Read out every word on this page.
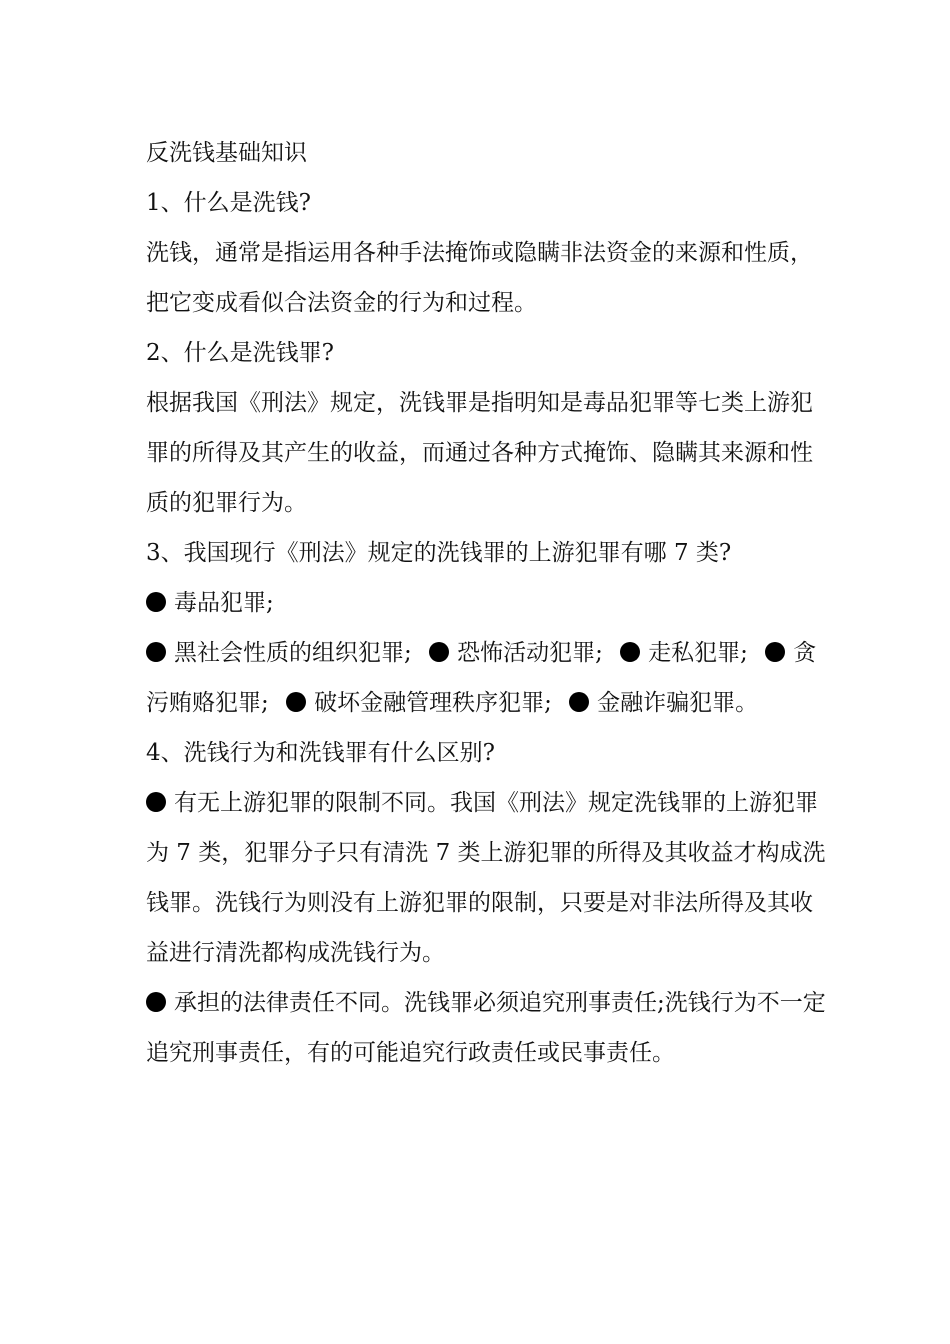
反洗钱基础知识

1、什么是洗钱?

洗钱，通常是指运用各种手法掩饰或隐瞒非法资金的来源和性质，把它变成看似合法资金的行为和过程。

2、什么是洗钱罪?

根据我国《刑法》规定，洗钱罪是指明知是毒品犯罪等七类上游犯罪的所得及其产生的收益，而通过各种方式掩饰、隐瞒其来源和性质的犯罪行为。

3、我国现行《刑法》规定的洗钱罪的上游犯罪有哪 7 类?

毒品犯罪;

黑社会性质的组织犯罪; 恐怖活动犯罪; 走私犯罪; 贪污贿赂犯罪; 破坏金融管理秩序犯罪; 金融诈骗犯罪。

4、洗钱行为和洗钱罪有什么区别?

有无上游犯罪的限制不同。我国《刑法》规定洗钱罪的上游犯罪为 7 类，犯罪分子只有清洗 7 类上游犯罪的所得及其收益才构成洗钱罪。洗钱行为则没有上游犯罪的限制，只要是对非法所得及其收益进行清洗都构成洗钱行为。

承担的法律责任不同。洗钱罪必须追究刑事责任;洗钱行为不一定追究刑事责任，有的可能追究行政责任或民事责任。
